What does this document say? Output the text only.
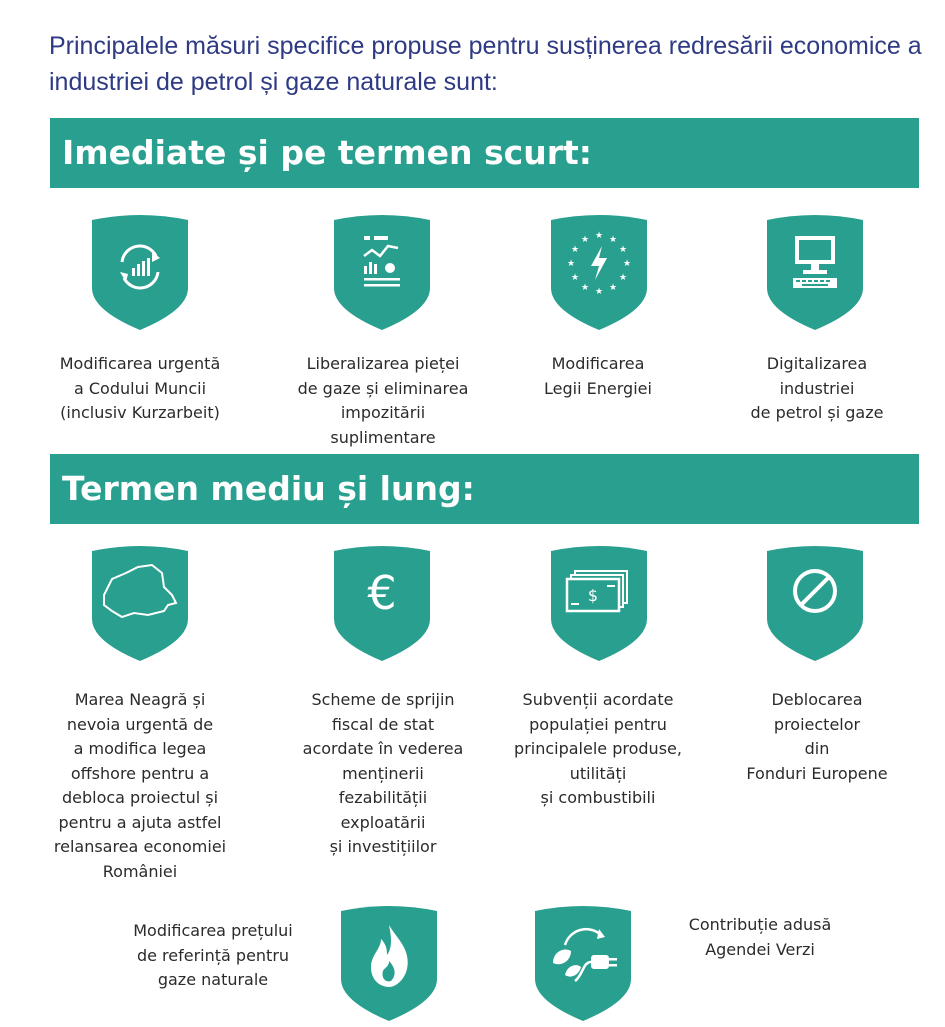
Principalele măsuri specifice propuse pentru susținerea redresării economice a industriei de petrol și gaze naturale sunt:
Imediate și pe termen scurt:
★ ★
★
★
★
★
★
★
★
★
★
★
Modificarea urgentă
a Codului Muncii
(inclusiv Kurzarbeit)
Liberalizarea pieței
de gaze și eliminarea
impozitării
suplimentare
Modificarea
Legii Energiei
Digitalizarea
industriei
de petrol și gaze
Termen mediu și lung:
€	$
Marea Neagră și
nevoia urgentă de
a modifica legea
offshore pentru a
debloca proiectul și
pentru a ajuta astfel
relansarea economiei
României
Scheme de sprijin
fiscal de stat
acordate în vederea
menținerii
fezabilității
exploatării
și investițiilor
Subvenții acordate
populației pentru
principalele produse,
utilități
și combustibili
Deblocarea
proiectelor
din
Fonduri Europene
Modificarea prețului
de referință pentru
gaze naturale
Contribuție adusă
Agendei Verzi
